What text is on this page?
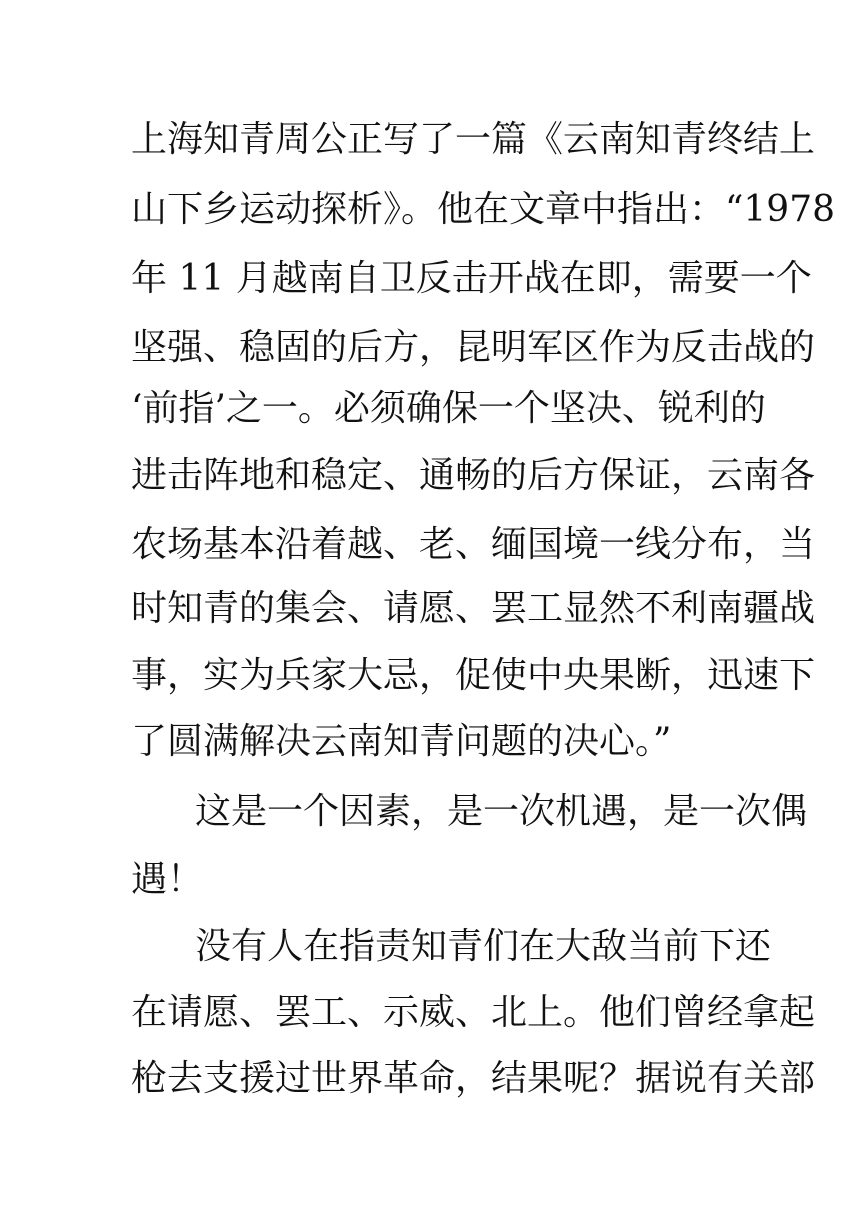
上海知青周公正写了一篇《云南知青终结上
山下乡运动探析》。他在文章中指出：“1978
年 11 月越南自卫反击开战在即，需要一个
坚强、稳固的后方，昆明军区作为反击战的
‘前指’之一。必须确保一个坚决、锐利的
进击阵地和稳定、通畅的后方保证，云南各
农场基本沿着越、老、缅国境一线分布，当
时知青的集会、请愿、罢工显然不利南疆战
事，实为兵家大忌，促使中央果断，迅速下
了圆满解决云南知青问题的决心。”
这是一个因素，是一次机遇，是一次偶
遇！
没有人在指责知青们在大敌当前下还
在请愿、罢工、示威、北上。他们曾经拿起
枪去支援过世界革命，结果呢？据说有关部
